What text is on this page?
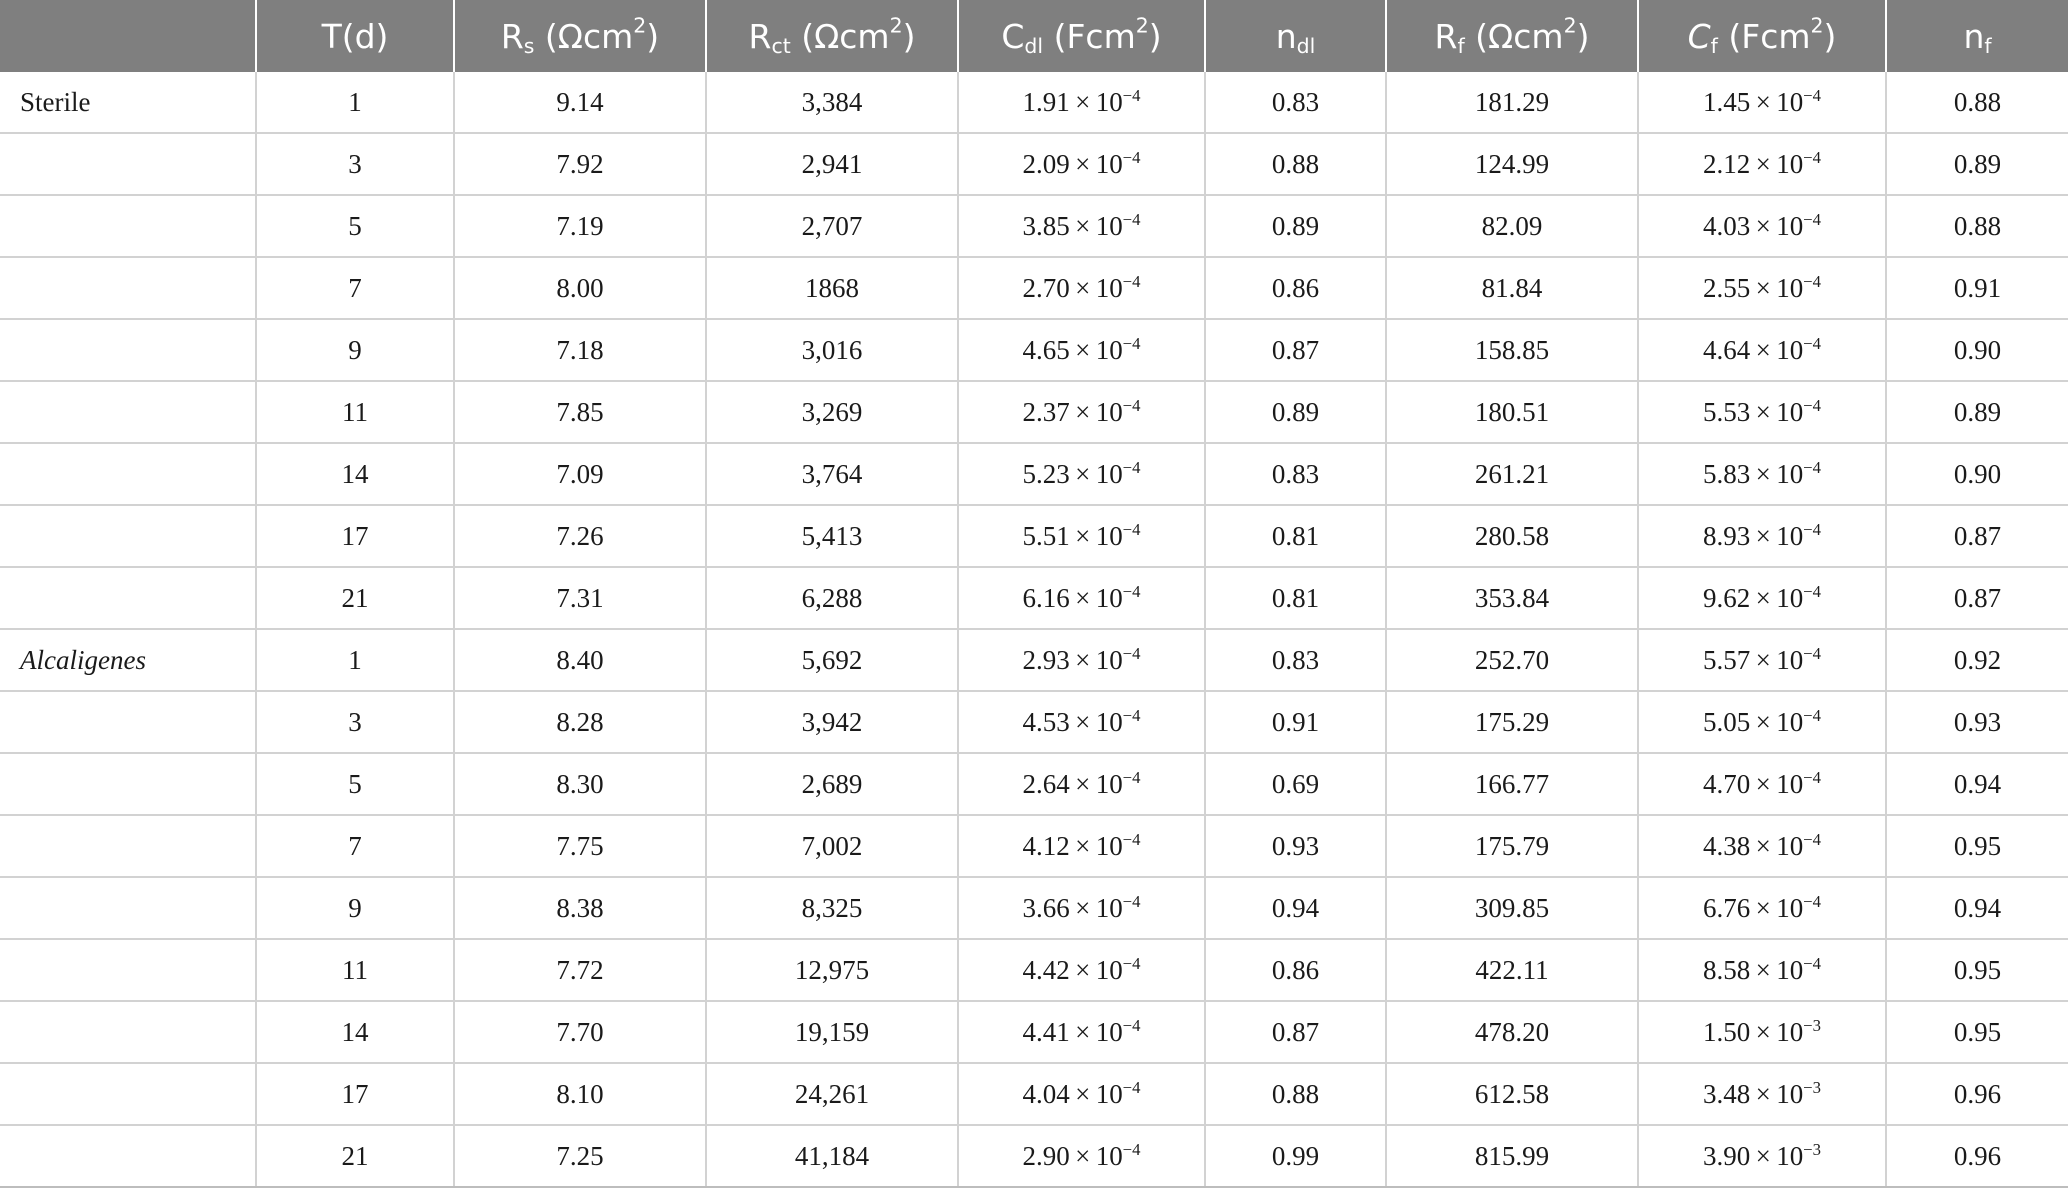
	T(d)	$R_s$ (Ωcm$^2$)	$R_{ct}$ (Ωcm$^2$)	$C_{dl}$ (Fcm$^2$)	$n_{dl}$	$R_f$ (Ωcm$^2$)	$C_f$ (Fcm$^2$)	$n_f$
Sterile	1	9.14	3,384	$1.91 \times 10^{-4}$	0.83	181.29	$1.45 \times 10^{-4}$	0.88
	3	7.92	2,941	$2.09 \times 10^{-4}$	0.88	124.99	$2.12 \times 10^{-4}$	0.89
	5	7.19	2,707	$3.85 \times 10^{-4}$	0.89	82.09	$4.03 \times 10^{-4}$	0.88
	7	8.00	1868	$2.70 \times 10^{-4}$	0.86	81.84	$2.55 \times 10^{-4}$	0.91
	9	7.18	3,016	$4.65 \times 10^{-4}$	0.87	158.85	$4.64 \times 10^{-4}$	0.90
	11	7.85	3,269	$2.37 \times 10^{-4}$	0.89	180.51	$5.53 \times 10^{-4}$	0.89
	14	7.09	3,764	$5.23 \times 10^{-4}$	0.83	261.21	$5.83 \times 10^{-4}$	0.90
	17	7.26	5,413	$5.51 \times 10^{-4}$	0.81	280.58	$8.93 \times 10^{-4}$	0.87
	21	7.31	6,288	$6.16 \times 10^{-4}$	0.81	353.84	$9.62 \times 10^{-4}$	0.87
Alcaligenes	1	8.40	5,692	$2.93 \times 10^{-4}$	0.83	252.70	$5.57 \times 10^{-4}$	0.92
	3	8.28	3,942	$4.53 \times 10^{-4}$	0.91	175.29	$5.05 \times 10^{-4}$	0.93
	5	8.30	2,689	$2.64 \times 10^{-4}$	0.69	166.77	$4.70 \times 10^{-4}$	0.94
	7	7.75	7,002	$4.12 \times 10^{-4}$	0.93	175.79	$4.38 \times 10^{-4}$	0.95
	9	8.38	8,325	$3.66 \times 10^{-4}$	0.94	309.85	$6.76 \times 10^{-4}$	0.94
	11	7.72	12,975	$4.42 \times 10^{-4}$	0.86	422.11	$8.58 \times 10^{-4}$	0.95
	14	7.70	19,159	$4.41 \times 10^{-4}$	0.87	478.20	$1.50 \times 10^{-3}$	0.95
	17	8.10	24,261	$4.04 \times 10^{-4}$	0.88	612.58	$3.48 \times 10^{-3}$	0.96
	21	7.25	41,184	$2.90 \times 10^{-4}$	0.99	815.99	$3.90 \times 10^{-3}$	0.96
